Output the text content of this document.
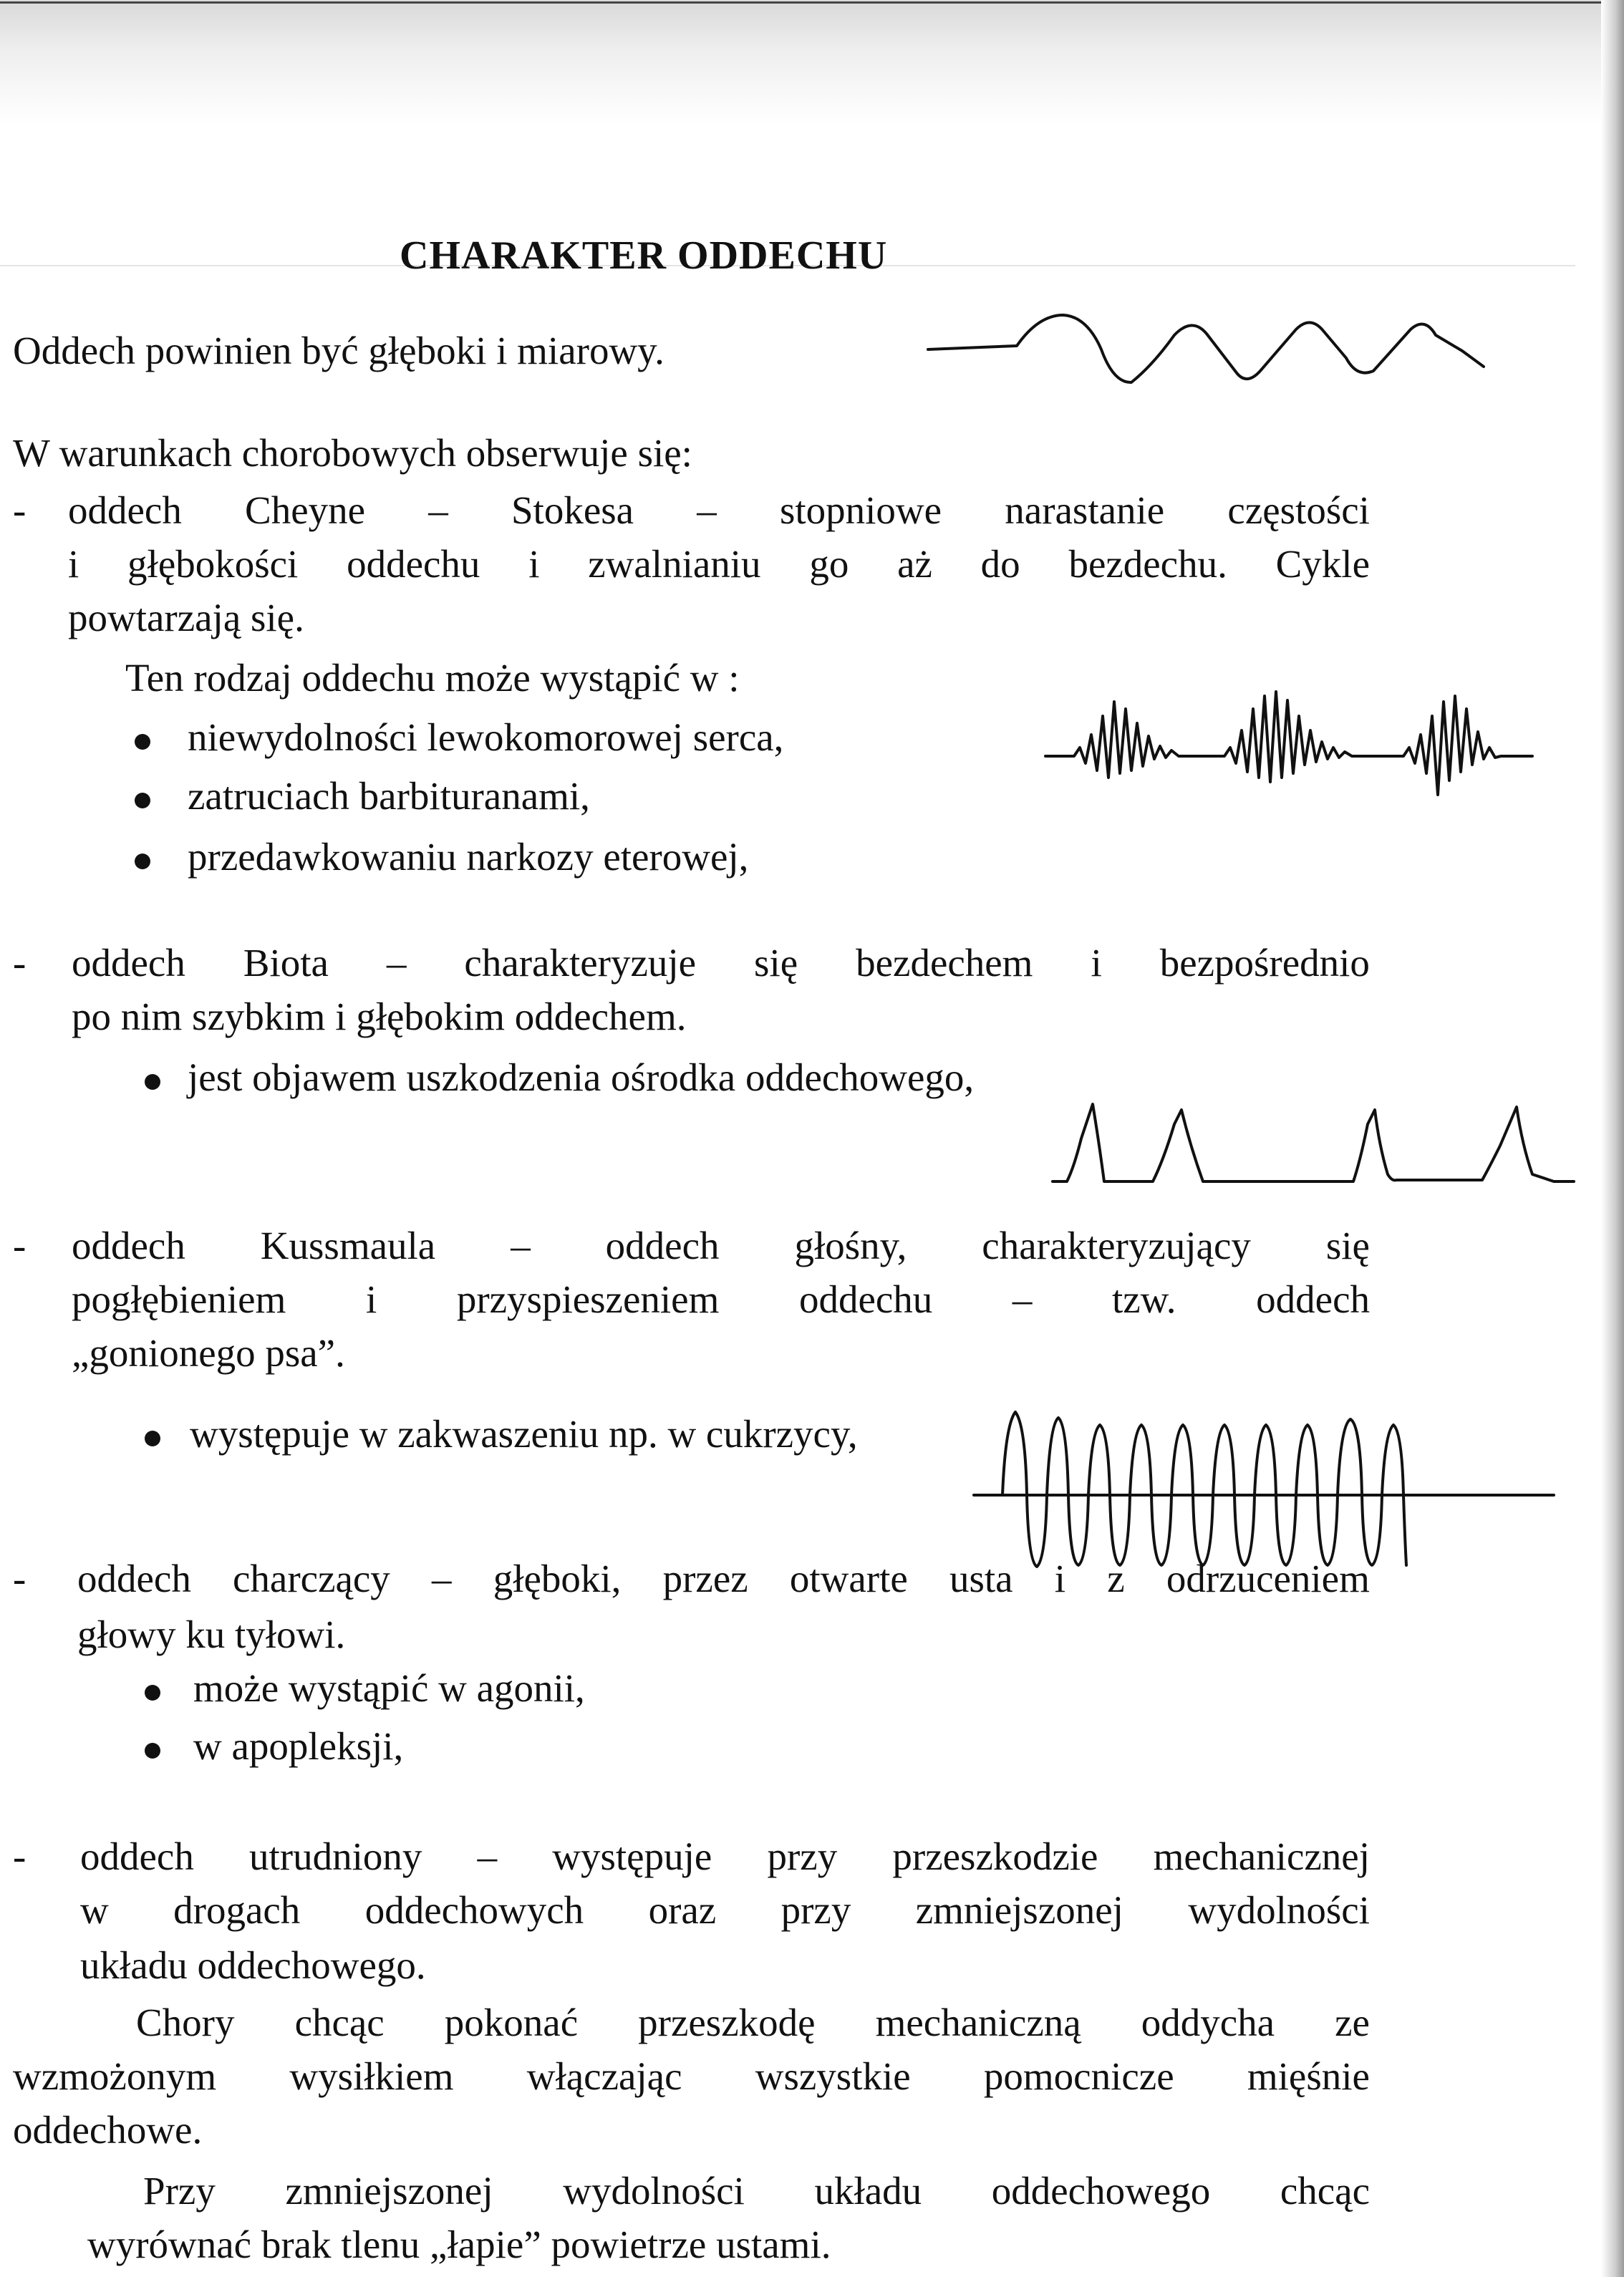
CHARAKTER ODDECHU
Oddech powinien być głęboki i miarowy.
W warunkach chorobowych obserwuje się:
- oddech Cheyne – Stokesa – stopniowe narastanie częstości
i głębokości oddechu i zwalnianiu go aż do bezdechu. Cykle
powtarzają się.
Ten rodzaj oddechu może wystąpić w :
niewydolności lewokomorowej serca,
zatruciach barbituranami,
przedawkowaniu narkozy eterowej,
- oddech Biota – charakteryzuje się bezdechem i bezpośrednio
po nim szybkim i głębokim oddechem.
jest objawem uszkodzenia ośrodka oddechowego,
- oddech Kussmaula – oddech głośny, charakteryzujący się
pogłębieniem i przyspieszeniem oddechu – tzw. oddech
„gonionego psa”.
występuje w zakwaszeniu np. w cukrzycy,
- oddech charczący – głęboki, przez otwarte usta i z odrzuceniem
głowy ku tyłowi.
może wystąpić w agonii,
w apopleksji,
- oddech utrudniony – występuje przy przeszkodzie mechanicznej
w drogach oddechowych oraz przy zmniejszonej wydolności
układu oddechowego.
Chory chcąc pokonać przeszkodę mechaniczną oddycha ze
wzmożonym wysiłkiem włączając wszystkie pomocnicze mięśnie
oddechowe.
Przy zmniejszonej wydolności układu oddechowego chcąc
wyrównać brak tlenu „łapie” powietrze ustami.
